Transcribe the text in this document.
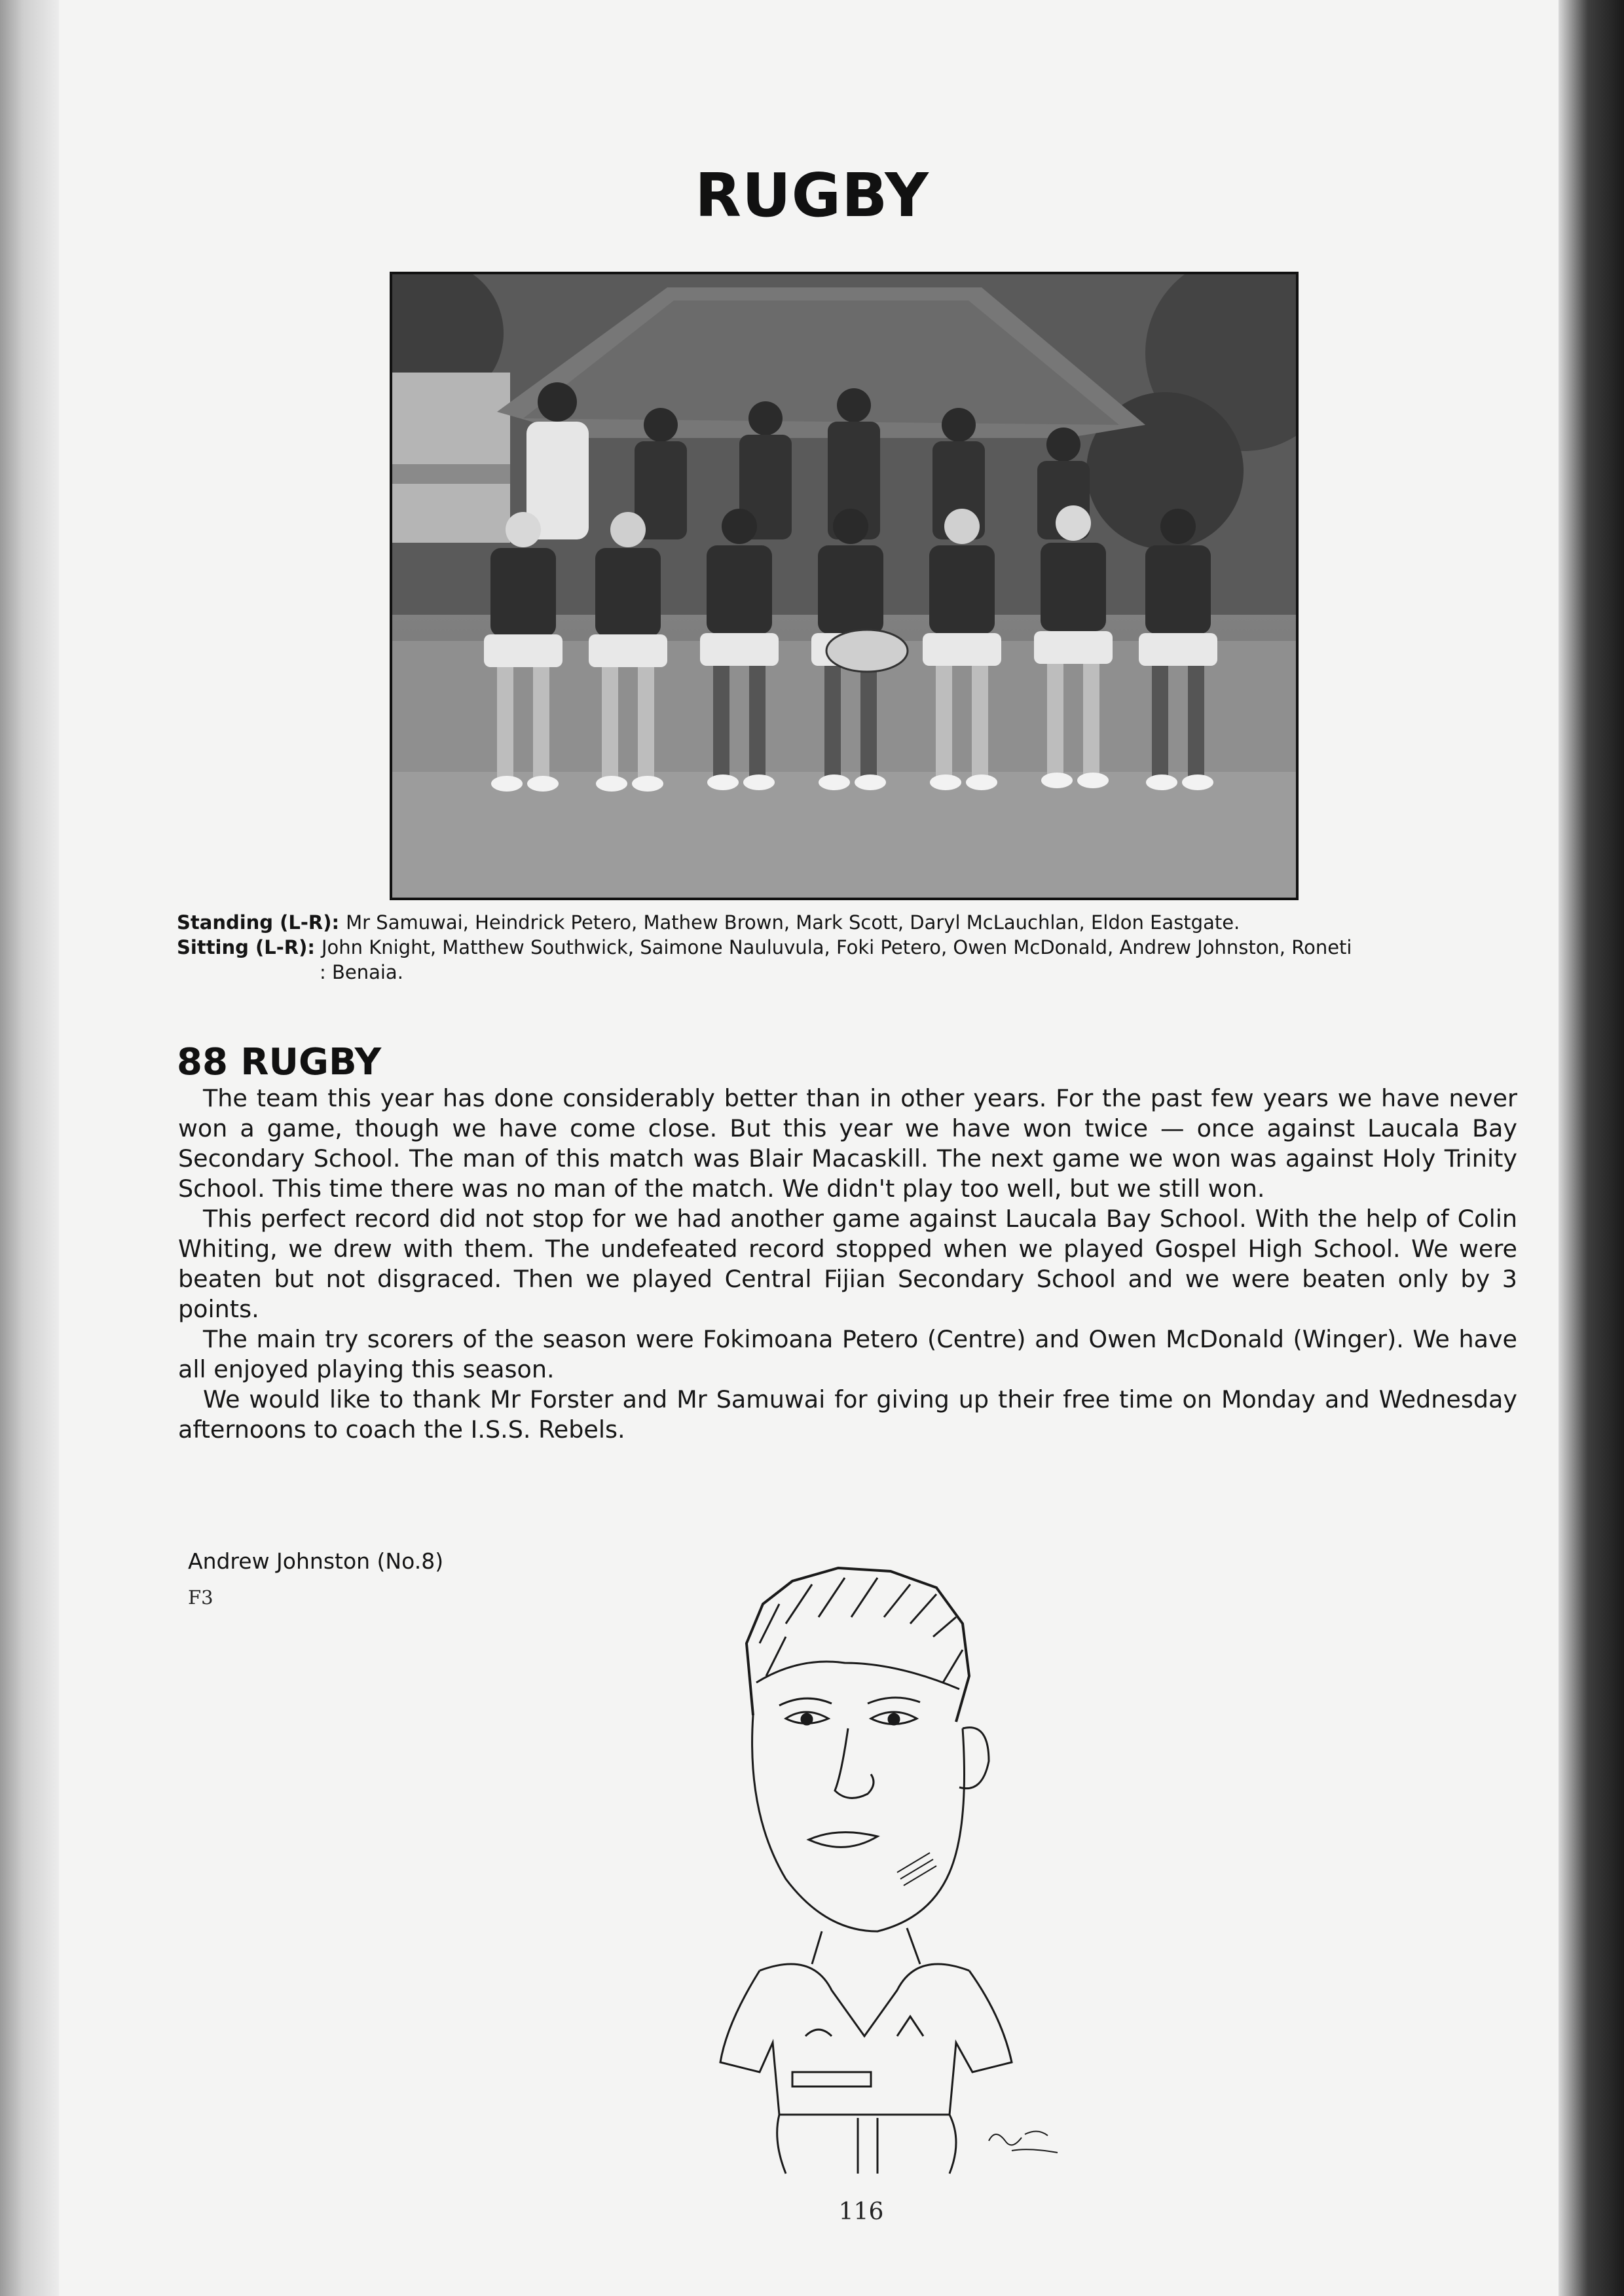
RUGBY
Standing (L-R): Mr Samuwai, Heindrick Petero, Mathew Brown, Mark Scott, Daryl McLauchlan, Eldon Eastgate.
Sitting (L-R): John Knight, Matthew Southwick, Saimone Nauluvula, Foki Petero, Owen McDonald, Andrew Johnston, Roneti
: Benaia.
88 RUGBY

The team this year has done considerably better than in other years. For the past few years we have never won a game, though we have come close. But this year we have won twice — once against Laucala Bay Secondary School. The man of this match was Blair Macaskill. The next game we won was against Holy Trinity School. This time there was no man of the match. We didn't play too well, but we still won.

This perfect record did not stop for we had another game against Laucala Bay School. With the help of Colin Whiting, we drew with them. The undefeated record stopped when we played Gospel High School. We were beaten but not disgraced. Then we played Central Fijian Secondary School and we were beaten only by 3 points.

The main try scorers of the season were Fokimoana Petero (Centre) and Owen McDonald (Winger). We have all enjoyed playing this season.

We would like to thank Mr Forster and Mr Samuwai for giving up their free time on Monday and Wednesday afternoons to coach the I.S.S. Rebels.

Andrew Johnston (No.8)
F3
116
